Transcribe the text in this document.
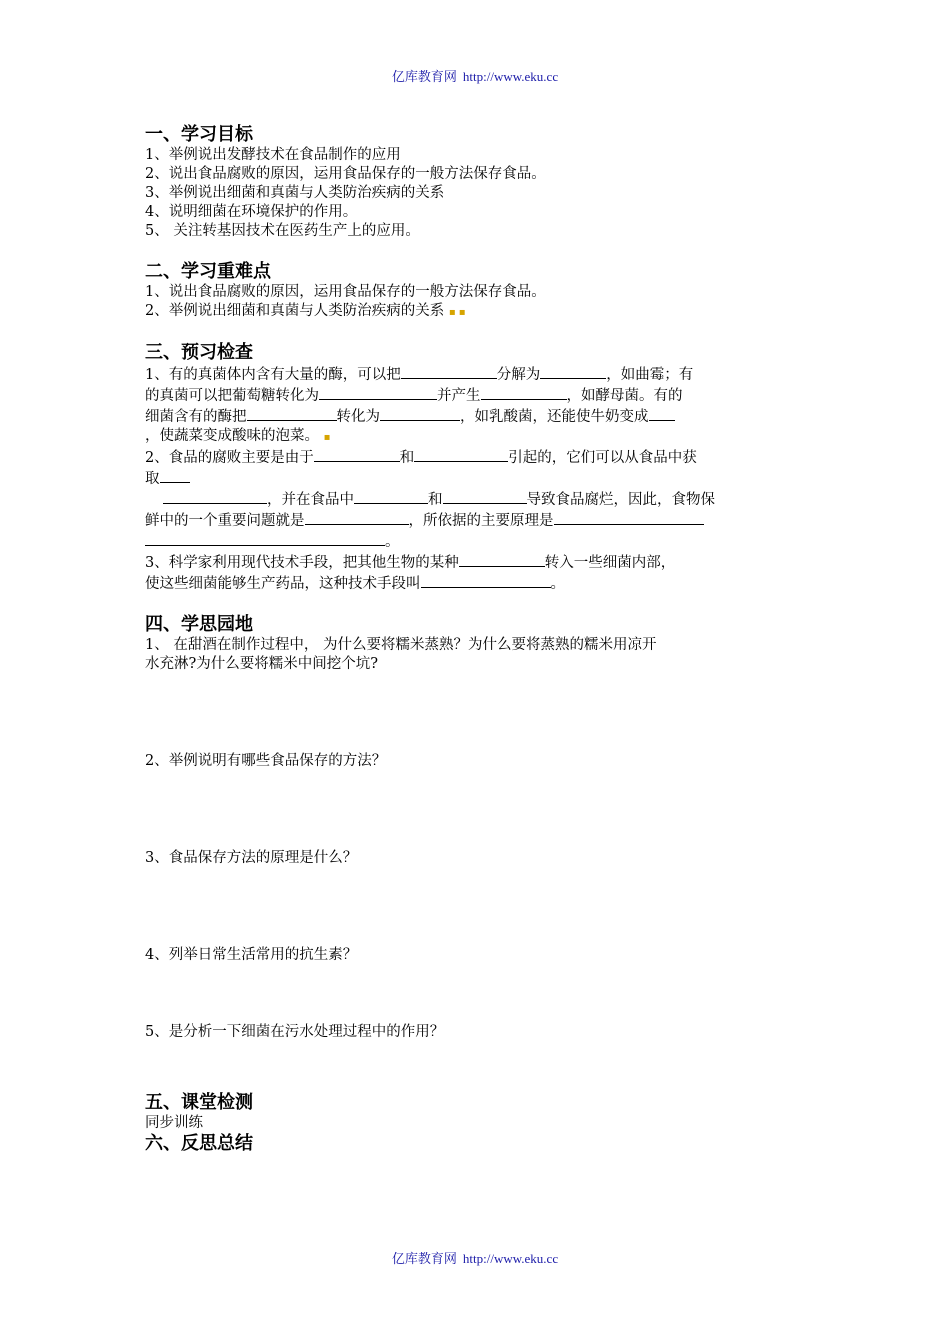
亿库教育网 http://www.eku.cc
一、学习目标
1、举例说出发酵技术在食品制作的应用
2、说出食品腐败的原因，运用食品保存的一般方法保存食品。
3、举例说出细菌和真菌与人类防治疾病的关系
4、说明细菌在环境保护的作用。
5、 关注转基因技术在医药生产上的应用。
二、学习重难点
1、说出食品腐败的原因，运用食品保存的一般方法保存食品。
2、举例说出细菌和真菌与人类防治疾病的关系 ▪ ▪
三、预习检查
1、有的真菌体内含有大量的酶，可以把	分解为	，如曲霉；有
的真菌可以把葡萄糖转化为	并产生	，如酵母菌。有的
细菌含有的酶把	转化为	，如乳酸菌，还能使牛奶变成
，使蔬菜变成酸味的泡菜。 ▪
2、食品的腐败主要是由于	和	引起的，它们可以从食品中获
取
，并在食品中	和	导致食品腐烂，因此，食物保
鲜中的一个重要问题就是	，所依据的主要原理是
。
3、科学家利用现代技术手段，把其他生物的某种	转入一些细菌内部，
使这些细菌能够生产药品，这种技术手段叫	。
四、学思园地
1、 在甜酒在制作过程中， 为什么要将糯米蒸熟？为什么要将蒸熟的糯米用凉开
水充淋?为什么要将糯米中间挖个坑?
2、举例说明有哪些食品保存的方法？
3、食品保存方法的原理是什么？
4、列举日常生活常用的抗生素？
5、是分析一下细菌在污水处理过程中的作用？
五、课堂检测
同步训练
六、反思总结
亿库教育网 http://www.eku.cc
